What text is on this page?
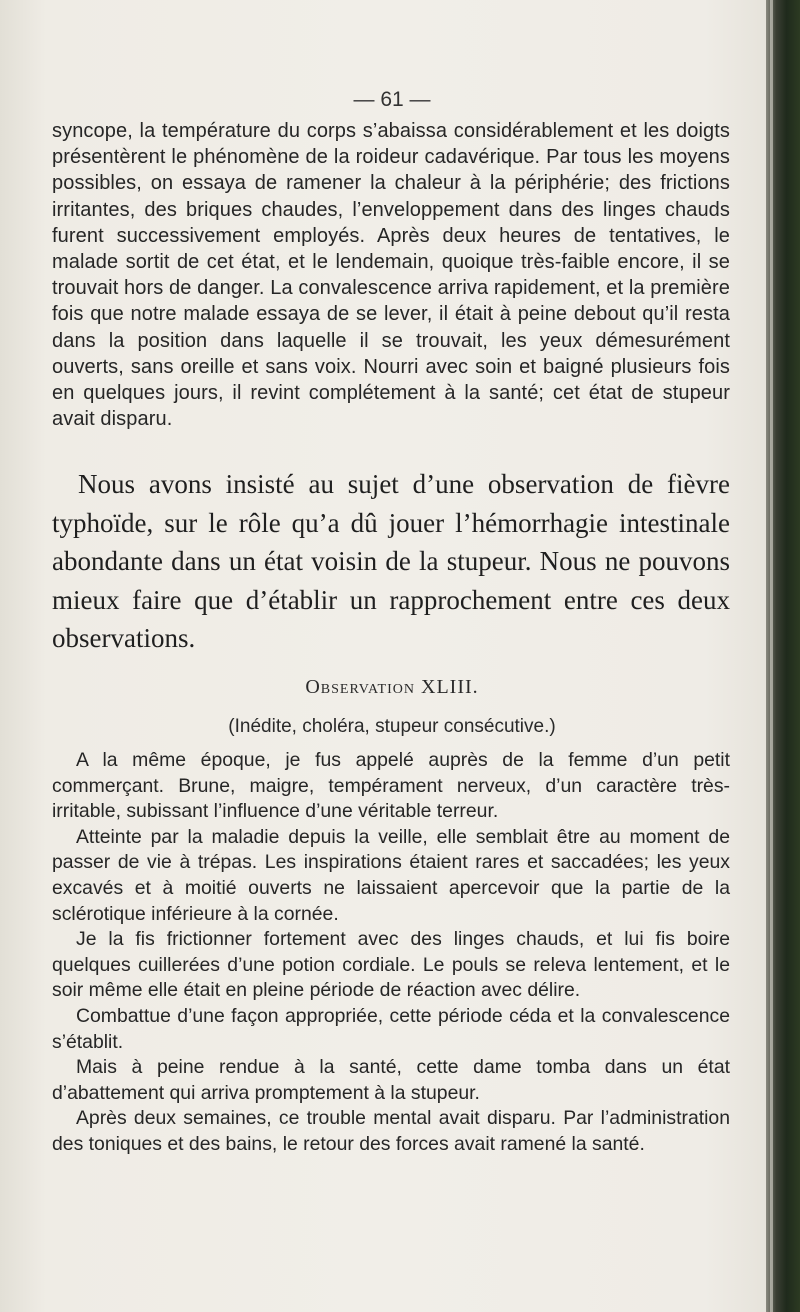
— 61 —

syncope, la température du corps s’abaissa considérablement et les doigts présentèrent le phénomène de la roideur cadavérique. Par tous les moyens possibles, on essaya de ramener la chaleur à la périphérie; des frictions irritantes, des briques chaudes, l’enveloppement dans des linges chauds furent successivement employés. Après deux heures de tentatives, le malade sortit de cet état, et le lendemain, quoique très-faible encore, il se trouvait hors de danger. La convalescence arriva rapidement, et la première fois que notre malade essaya de se lever, il était à peine debout qu’il resta dans la position dans laquelle il se trouvait, les yeux démesurément ouverts, sans oreille et sans voix. Nourri avec soin et baigné plusieurs fois en quelques jours, il revint complétement à la santé; cet état de stupeur avait disparu.

Nous avons insisté au sujet d’une observation de fièvre typhoïde, sur le rôle qu’a dû jouer l’hémorrhagie intestinale abondante dans un état voisin de la stupeur. Nous ne pouvons mieux faire que d’établir un rapprochement entre ces deux observations.

Observation XLIII.
(Inédite, choléra, stupeur consécutive.)

A la même époque, je fus appelé auprès de la femme d’un petit commerçant. Brune, maigre, tempérament nerveux, d’un caractère très-irritable, subissant l’influence d’une véritable terreur.

Atteinte par la maladie depuis la veille, elle semblait être au moment de passer de vie à trépas. Les inspirations étaient rares et saccadées; les yeux excavés et à moitié ouverts ne laissaient apercevoir que la partie de la sclérotique inférieure à la cornée.

Je la fis frictionner fortement avec des linges chauds, et lui fis boire quelques cuillerées d’une potion cordiale. Le pouls se releva lentement, et le soir même elle était en pleine période de réaction avec délire.

Combattue d’une façon appropriée, cette période céda et la convalescence s’établit.

Mais à peine rendue à la santé, cette dame tomba dans un état d’abattement qui arriva promptement à la stupeur.

Après deux semaines, ce trouble mental avait disparu. Par l’administration des toniques et des bains, le retour des forces avait ramené la santé.
